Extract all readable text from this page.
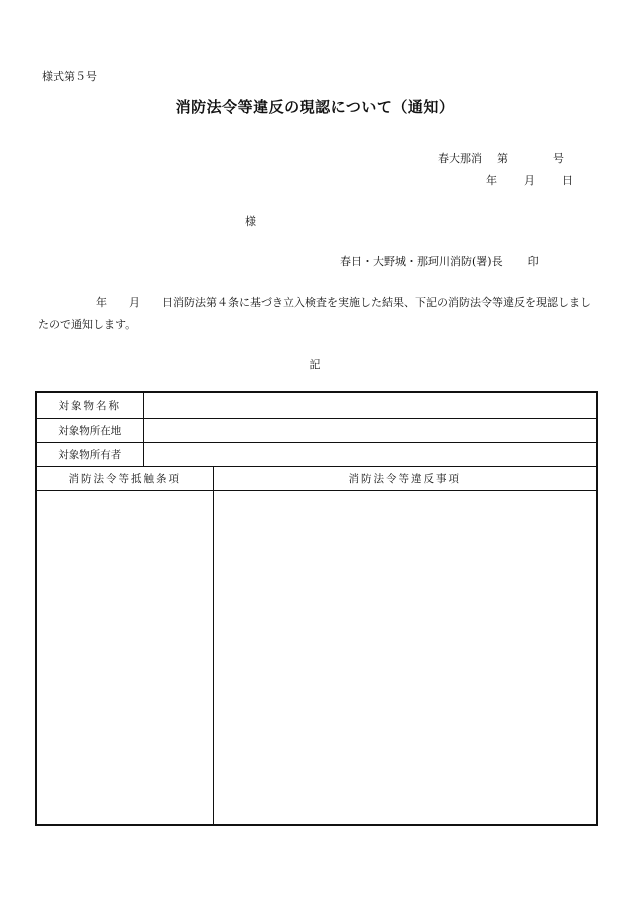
様式第５号
消防法令等違反の現認について（通知）
春大那消 第	号
年 月 日
様
春日・大野城・那珂川消防(署)長 印
年 月 日消防法第４条に基づき立入検査を実施した結果、下記の消防法令等違反を現認しましたので通知します。
記
対象物名称		
対象物所在地		
対象物所有者		
消防法令等抵触条項		消防法令等違反事項
